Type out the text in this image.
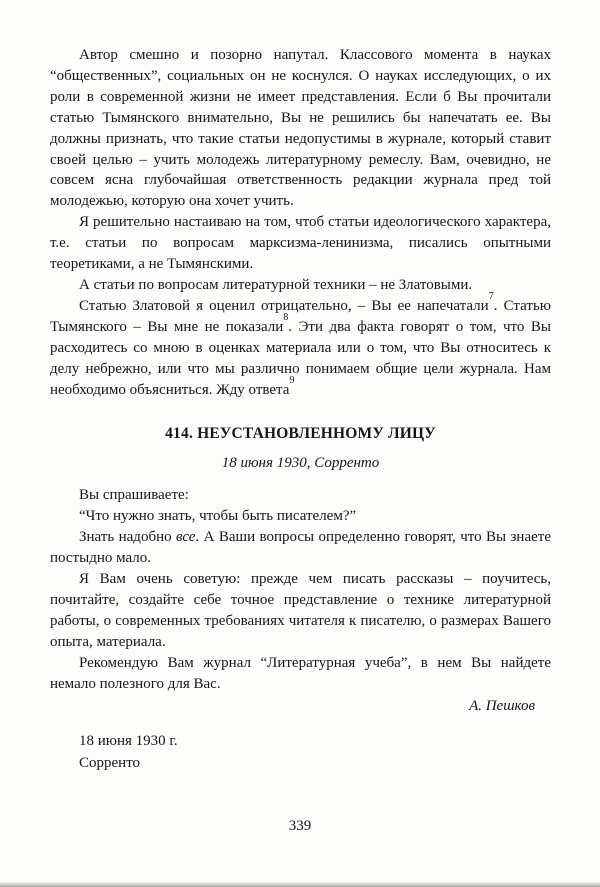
Автор смешно и позорно напутал. Классового момента в науках “общественных”, социальных он не коснулся. О науках исследующих, о их роли в современной жизни не имеет представления. Если б Вы прочитали статью Тымянского внимательно, Вы не решились бы напечатать ее. Вы должны признать, что такие статьи недопустимы в журнале, который ставит своей целью – учить молодежь литературному ремеслу. Вам, очевидно, не совсем ясна глубочайшая ответственность редакции журнала пред той молодежью, которую она хочет учить.

Я решительно настаиваю на том, чтоб статьи идеологического характера, т.е. статьи по вопросам марксизма-ленинизма, писались опытными теоретиками, а не Тымянскими.

А статьи по вопросам литературной техники – не Златовыми.

Статью Златовой я оценил отрицательно, – Вы ее напечатали$^7$. Статью Тымянского – Вы мне не показали$^8$. Эти два факта говорят о том, что Вы расходитесь со мною в оценках материала или о том, что Вы относитесь к делу небрежно, или что мы различно понимаем общие цели журнала. Нам необходимо объясниться. Жду ответа$^9$

414. НЕУСТАНОВЛЕННОМУ ЛИЦУ
18 июня 1930, Сорренто

Вы спрашиваете:

“Что нужно знать, чтобы быть писателем?”

Знать надобно все. А Ваши вопросы определенно говорят, что Вы знаете постыдно мало.

Я Вам очень советую: прежде чем писать рассказы – поучитесь, почитайте, создайте себе точное представление о технике литературной работы, о современных требованиях читателя к писателю, о размерах Вашего опыта, материала.

Рекомендую Вам журнал “Литературная учеба”, в нем Вы найдете немало полезного для Вас.

А. Пешков
18 июня 1930 г.
Сорренто
339
